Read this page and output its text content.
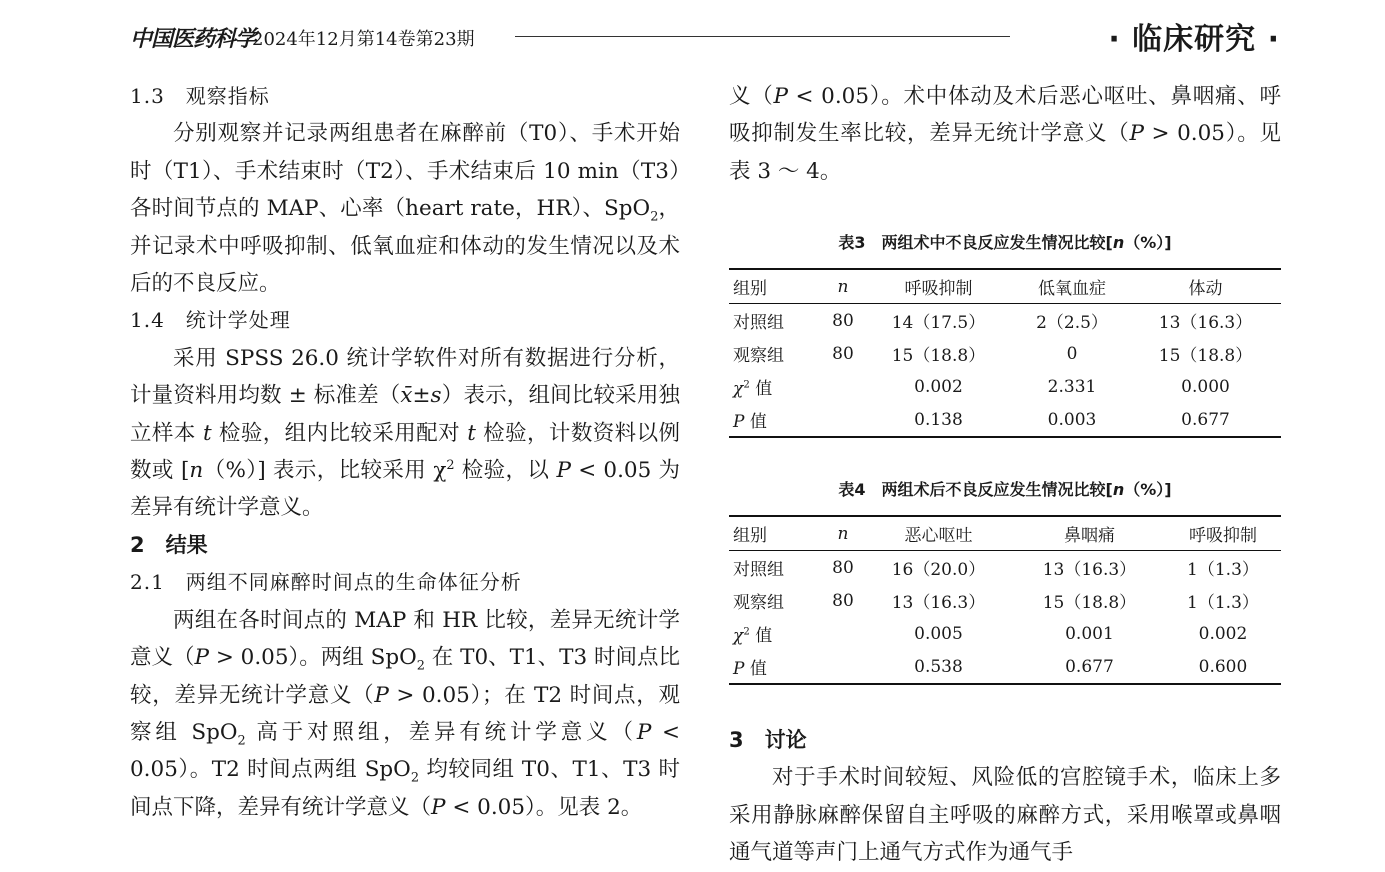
中国医药科学
2024年12月第14卷第23期	· 临床研究 ·

1.3　观察指标

分别观察并记录两组患者在麻醉前（T0）、手术开始时（T1）、手术结束时（T2）、手术结束后 10 min（T3）各时间节点的 MAP、心率（heart rate，HR）、SpO$_2$，并记录术中呼吸抑制、低氧血症和体动的发生情况以及术后的不良反应。

1.4　统计学处理

采用 SPSS 26.0 统计学软件对所有数据进行分析，计量资料用均数 ± 标准差（x̄±s）表示，组间比较采用独立样本 t 检验，组内比较采用配对 t 检验，计数资料以例数或 [n（%）] 表示，比较采用 $\chi^2$ 检验，以 P < 0.05 为差异有统计学意义。

2　结果

2.1　两组不同麻醉时间点的生命体征分析

两组在各时间点的 MAP 和 HR 比较，差异无统计学意义（P > 0.05）。两组 SpO$_2$ 在 T0、T1、T3 时间点比较，差异无统计学意义（P > 0.05）；在 T2 时间点，观察组 SpO$_2$ 高于对照组，差异有统计学意义（P < 0.05）。T2 时间点两组 SpO$_2$ 均较同组 T0、T1、T3 时间点下降，差异有统计学意义（P < 0.05）。见表 2。

义（P < 0.05）。术中体动及术后恶心呕吐、鼻咽痛、呼吸抑制发生率比较，差异无统计学意义（P > 0.05）。见表 3 ～ 4。

表3　两组术中不良反应发生情况比较[n（%）]
组别	n	呼吸抑制	低氧血症	体动
对照组	80	14（17.5）	2（2.5）	13（16.3）
观察组	80	15（18.8）	0	15（18.8）
$\chi^2$ 值		0.002	2.331	0.000
P 值		0.138	0.003	0.677
表4　两组术后不良反应发生情况比较[n（%）]
组别	n	恶心呕吐	鼻咽痛	呼吸抑制
对照组	80	16（20.0）	13（16.3）	1（1.3）
观察组	80	13（16.3）	15（18.8）	1（1.3）
$\chi^2$ 值		0.005	0.001	0.002
P 值		0.538	0.677	0.600

3　讨论

对于手术时间较短、风险低的宫腔镜手术，临床上多采用静脉麻醉保留自主呼吸的麻醉方式，采用喉罩或鼻咽通气道等声门上通气方式作为通气手
